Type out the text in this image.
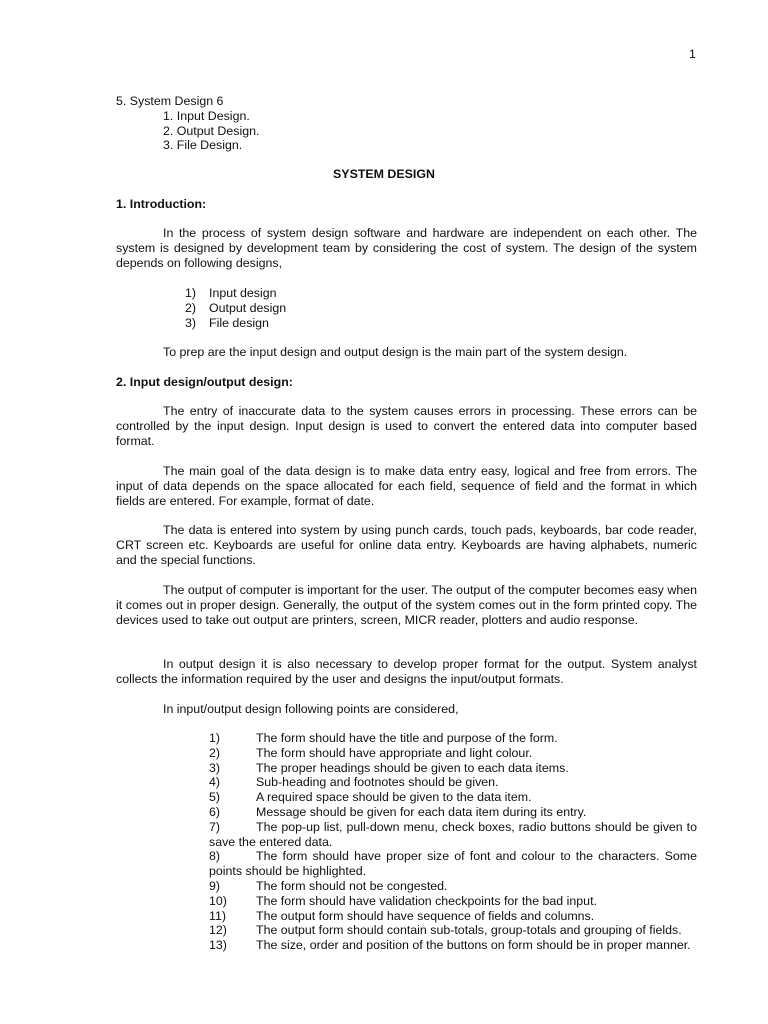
1
5. System Design 6
1. Input Design.
2. Output Design.
3. File Design.
SYSTEM DESIGN
1. Introduction:
In the process of system design software and hardware are independent on each other. The system is designed by development team by considering the cost of system. The design of the system depends on following designs,
1) Input design
2) Output design
3) File design
To prep are the input design and output design is the main part of the system design.
2. Input design/output design:
The entry of inaccurate data to the system causes errors in processing. These errors can be controlled by the input design. Input design is used to convert the entered data into computer based format.
The main goal of the data design is to make data entry easy, logical and free from errors. The input of data depends on the space allocated for each field, sequence of field and the format in which fields are entered. For example, format of date.
The data is entered into system by using punch cards, touch pads, keyboards, bar code reader, CRT screen etc. Keyboards are useful for online data entry. Keyboards are having alphabets, numeric and the special functions.
The output of computer is important for the user. The output of the computer becomes easy when it comes out in proper design. Generally, the output of the system comes out in the form printed copy. The devices used to take out output are printers, screen, MICR reader, plotters and audio response.
In output design it is also necessary to develop proper format for the output. System analyst collects the information required by the user and designs the input/output formats.
In input/output design following points are considered,
1)	The form should have the title and purpose of the form.
2)	The form should have appropriate and light colour.
3)	The proper headings should be given to each data items.
4)	Sub-heading and footnotes should be given.
5)	A required space should be given to the data item.
6)	Message should be given for each data item during its entry.
7)	The pop-up list, pull-down menu, check boxes, radio buttons should be given to save the entered data.
8)	The form should have proper size of font and colour to the characters. Some points should be highlighted.
9)	The form should not be congested.
10) The form should have validation checkpoints for the bad input.
11) The output form should have sequence of fields and columns.
12) The output form should contain sub-totals, group-totals and grouping of fields.
13) The size, order and position of the buttons on form should be in proper manner.
